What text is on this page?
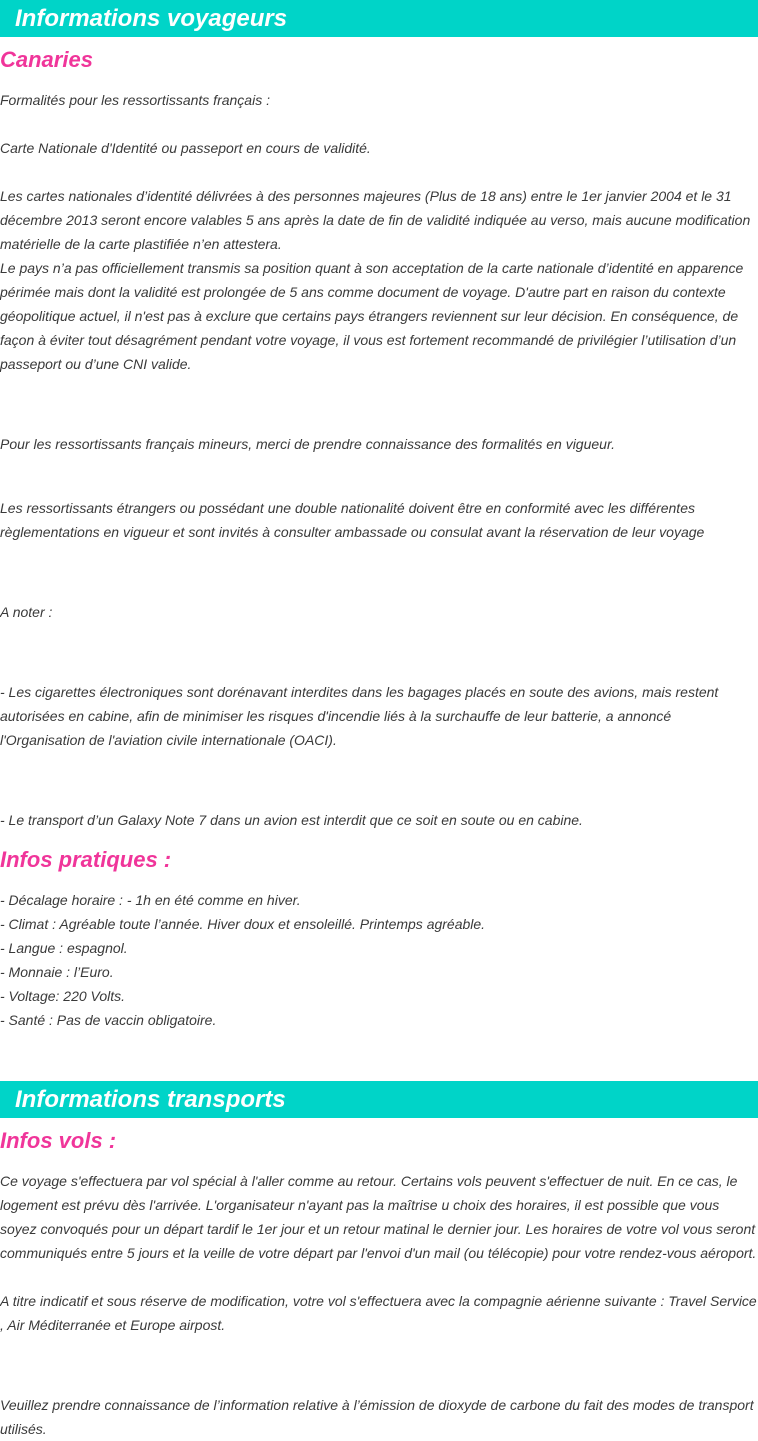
Informations voyageurs
Canaries

Formalités pour les ressortissants français :

Carte Nationale d'Identité ou passeport en cours de validité.

Les cartes nationales d’identité délivrées à des personnes majeures (Plus de 18 ans) entre le 1er janvier 2004 et le 31 décembre 2013 seront encore valables 5 ans après la date de fin de validité indiquée au verso, mais aucune modification matérielle de la carte plastifiée n’en attestera.

Le pays n’a pas officiellement transmis sa position quant à son acceptation de la carte nationale d’identité en apparence périmée mais dont la validité est prolongée de 5 ans comme document de voyage. D'autre part en raison du contexte géopolitique actuel, il n'est pas à exclure que certains pays étrangers reviennent sur leur décision. En conséquence, de façon à éviter tout désagrément pendant votre voyage, il vous est fortement recommandé de privilégier l’utilisation d’un passeport ou d’une CNI valide.

Pour les ressortissants français mineurs, merci de prendre connaissance des formalités en vigueur.

Les ressortissants étrangers ou possédant une double nationalité doivent être en conformité avec les différentes règlementations en vigueur et sont invités à consulter ambassade ou consulat avant la réservation de leur voyage

A noter :

- Les cigarettes électroniques sont dorénavant interdites dans les bagages placés en soute des avions, mais restent autorisées en cabine, afin de minimiser les risques d'incendie liés à la surchauffe de leur batterie, a annoncé l'Organisation de l'aviation civile internationale (OACI).

- Le transport d’un Galaxy Note 7 dans un avion est interdit que ce soit en soute ou en cabine.

Infos pratiques :
- Décalage horaire : - 1h en été comme en hiver.
- Climat : Agréable toute l’année. Hiver doux et ensoleillé. Printemps agréable.
- Langue : espagnol.
- Monnaie : l’Euro.
- Voltage: 220 Volts.
- Santé : Pas de vaccin obligatoire.
Informations transports
Infos vols :

Ce voyage s'effectuera par vol spécial à l'aller comme au retour. Certains vols peuvent s'effectuer de nuit. En ce cas, le logement est prévu dès l'arrivée. L'organisateur n'ayant pas la maîtrise u choix des horaires, il est possible que vous soyez convoqués pour un départ tardif le 1er jour et un retour matinal le dernier jour. Les horaires de votre vol vous seront communiqués entre 5 jours et la veille de votre départ par l'envoi d'un mail (ou télécopie) pour votre rendez-vous aéroport.

A titre indicatif et sous réserve de modification, votre vol s'effectuera avec la compagnie aérienne suivante : Travel Service , Air Méditerranée et Europe airpost.

Veuillez prendre connaissance de l’information relative à l’émission de dioxyde de carbone du fait des modes de transport utilisés.
